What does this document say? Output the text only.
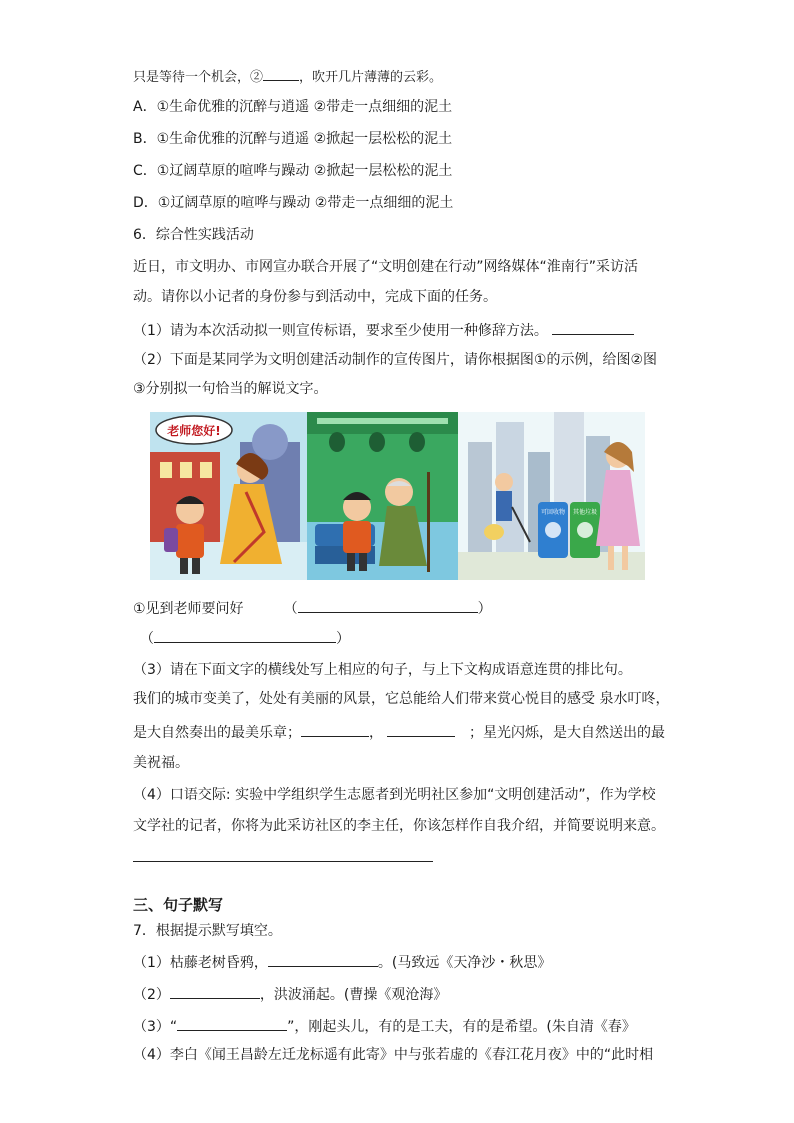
只是等待一个机会，②	，吹开几片薄薄的云彩。
A．①生命优雅的沉醉与逍遥 ②带走一点细细的泥土
B．①生命优雅的沉醉与逍遥 ②掀起一层松松的泥土
C．①辽阔草原的喧哗与躁动 ②掀起一层松松的泥土
D．①辽阔草原的喧哗与躁动 ②带走一点细细的泥土
6．综合性实践活动
近日，市文明办、市网宣办联合开展了“文明创建在行动”网络媒体“淮南行”采访活
动。请你以小记者的身份参与到活动中，完成下面的任务。
（1）请为本次活动拟一则宣传标语，要求至少使用一种修辞方法。
（2）下面是某同学为文明创建活动制作的宣传图片，请你根据图①的示例，给图②图
③分别拟一句恰当的解说文字。
老师您好!
可回收物 其他垃圾
①见到老师要问好	（	）
（	）
（3）请在下面文字的横线处写上相应的句子，与上下文构成语意连贯的排比句。
我们的城市变美了，处处有美丽的风景，它总能给人们带来赏心悦目的感受 泉水叮咚，
是大自然奏出的最美乐章；	，	；星光闪烁，是大自然送出的最
美祝福。
（4）口语交际: 实验中学组织学生志愿者到光明社区参加“文明创建活动”，作为学校
文学社的记者，你将为此采访社区的李主任，你该怎样作自我介绍，并简要说明来意。
三、句子默写
7．根据提示默写填空。
（1）枯藤老树昏鸦，	。(马致远《天净沙・秋思》
（2）	，洪波涌起。(曹操《观沧海》
（3）“	”，刚起头儿，有的是工夫，有的是希望。(朱自清《春》
（4）李白《闻王昌龄左迁龙标遥有此寄》中与张若虚的《春江花月夜》中的“此时相
